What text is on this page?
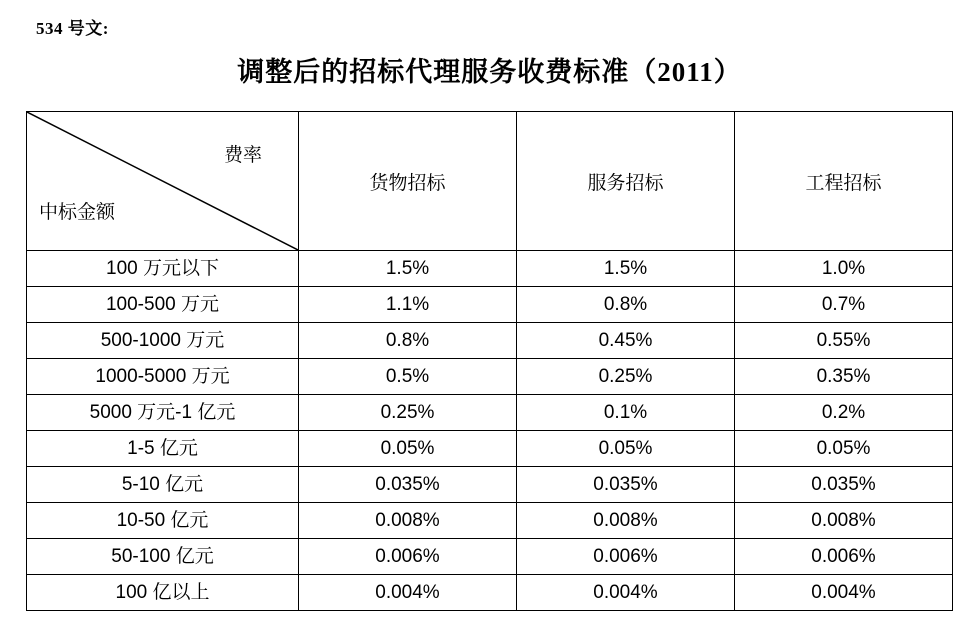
534 号文:
调整后的招标代理服务收费标准（2011）
费率
中标金额	货物招标	服务招标	工程招标
100 万元以下	1.5%	1.5%	1.0%
100-500 万元	1.1%	0.8%	0.7%
500-1000 万元	0.8%	0.45%	0.55%
1000-5000 万元	0.5%	0.25%	0.35%
5000 万元-1 亿元	0.25%	0.1%	0.2%
1-5 亿元	0.05%	0.05%	0.05%
5-10 亿元	0.035%	0.035%	0.035%
10-50 亿元	0.008%	0.008%	0.008%
50-100 亿元	0.006%	0.006%	0.006%
100 亿以上	0.004%	0.004%	0.004%
